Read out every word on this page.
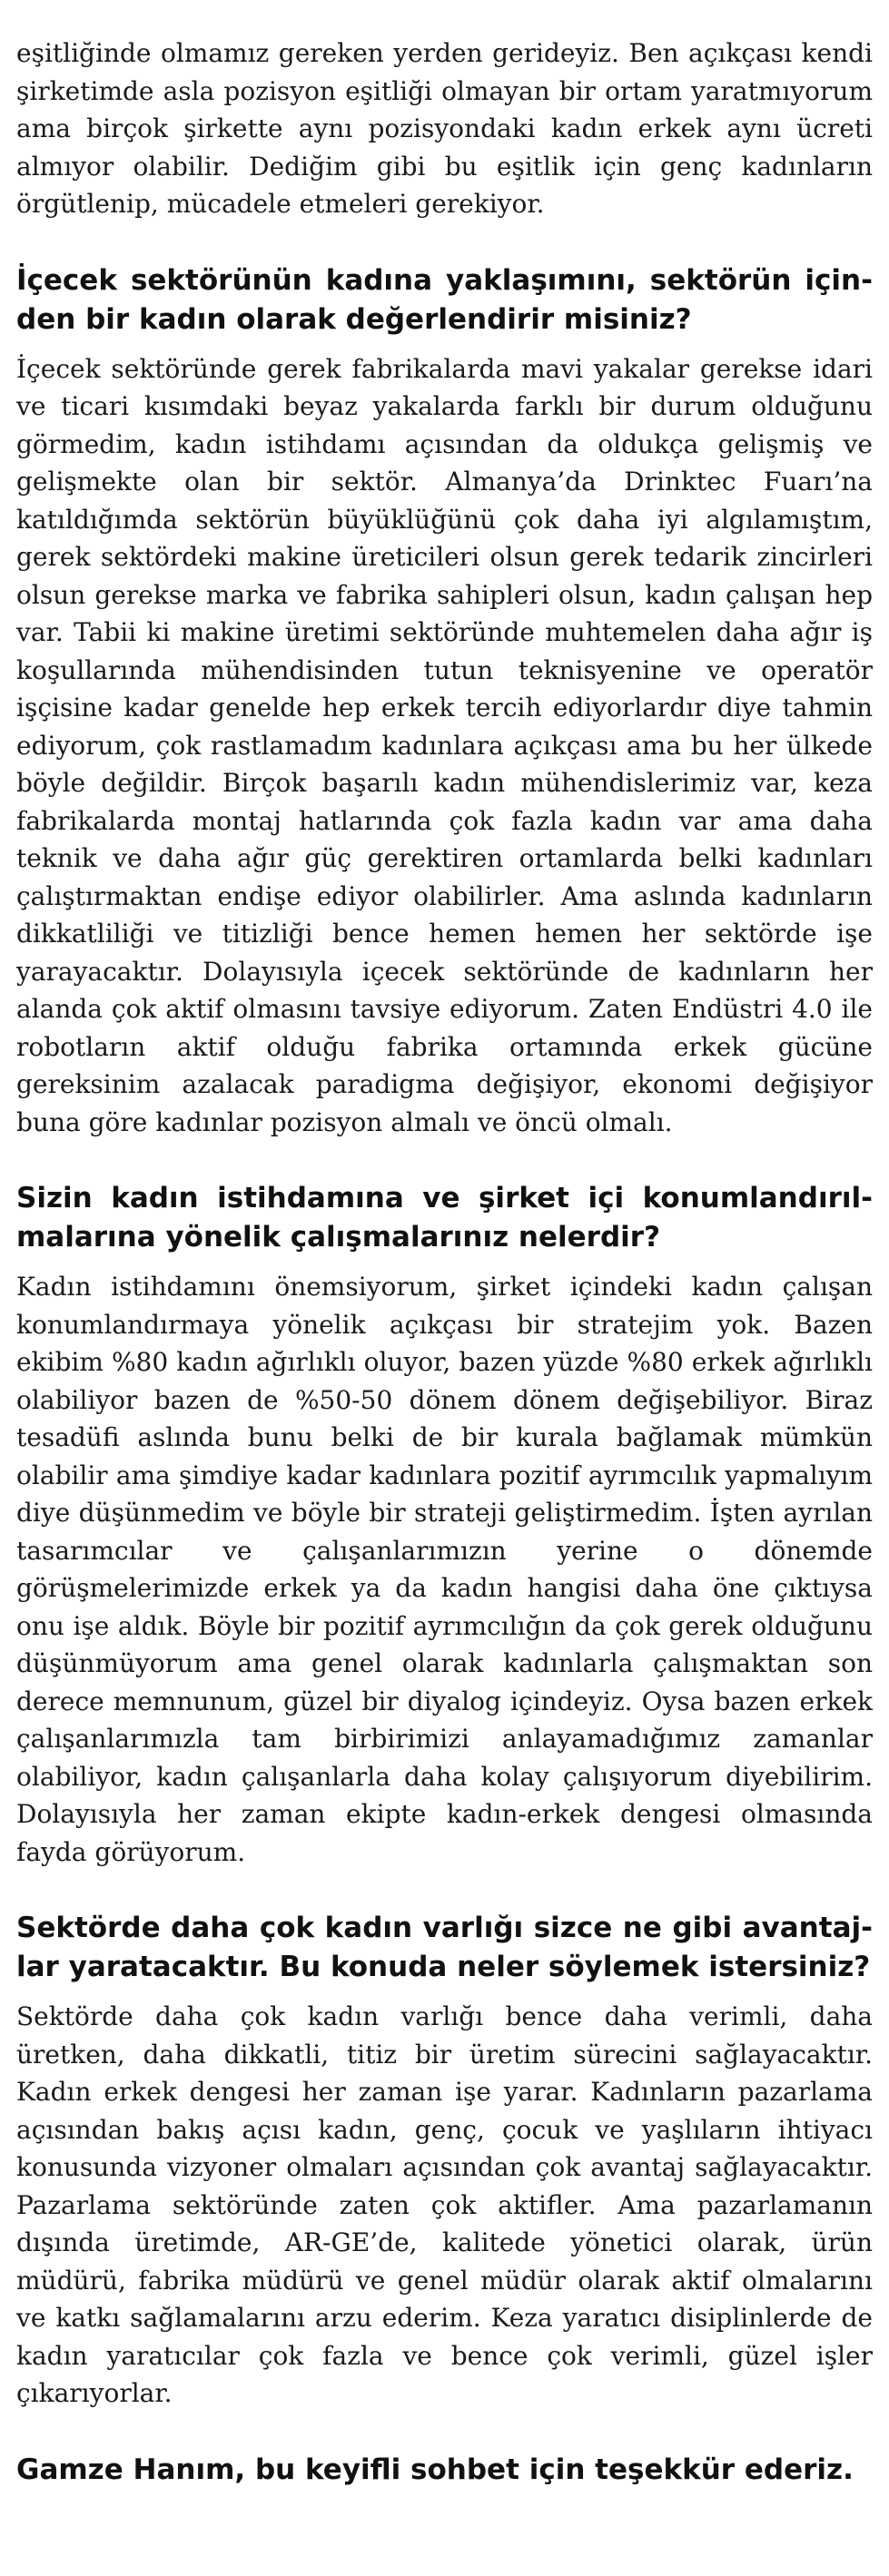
eşitliğinde olmamız gereken yerden gerideyiz. Ben açıkçası kendi şirketimde asla pozisyon eşitliği olmayan bir ortam yaratmıyorum ama birçok şirkette aynı pozisyondaki kadın erkek aynı ücreti almıyor olabilir. Dediğim gibi bu eşitlik için genç kadınların örgütlenip, mücadele etmeleri gerekiyor.

İçecek sektörünün kadına yaklaşımını, sektörün içinden bir kadın olarak değerlendirir misiniz?

İçecek sektöründe gerek fabrikalarda mavi yakalar gerekse idari ve ticari kısımdaki beyaz yakalarda farklı bir durum olduğunu görmedim, kadın istihdamı açısından da oldukça gelişmiş ve gelişmekte olan bir sektör. Almanya’da Drinktec Fuarı’na katıldığımda sektörün büyüklüğünü çok daha iyi algılamıştım, gerek sektördeki makine üreticileri olsun gerek tedarik zincirleri olsun gerekse marka ve fabrika sahipleri olsun, kadın çalışan hep var. Tabii ki makine üretimi sektöründe muhtemelen daha ağır iş koşullarında mühendisinden tutun teknisyenine ve operatör işçisine kadar genelde hep erkek tercih ediyorlardır diye tahmin ediyorum, çok rastlamadım kadınlara açıkçası ama bu her ülkede böyle değildir. Birçok başarılı kadın mühendislerimiz var, keza fabrikalarda montaj hatlarında çok fazla kadın var ama daha teknik ve daha ağır güç gerektiren ortamlarda belki kadınları çalıştırmaktan endişe ediyor olabilirler. Ama aslında kadınların dikkatliliği ve titizliği bence hemen hemen her sektörde işe yarayacaktır. Dolayısıyla içecek sektöründe de kadınların her alanda çok aktif olmasını tavsiye ediyorum. Zaten Endüstri 4.0 ile robotların aktif olduğu fabrika ortamında erkek gücüne gereksinim azalacak paradigma değişiyor, ekonomi değişiyor buna göre kadınlar pozisyon almalı ve öncü olmalı.

Sizin kadın istihdamına ve şirket içi konumlandırılmalarına yönelik çalışmalarınız nelerdir?

Kadın istihdamını önemsiyorum, şirket içindeki kadın çalışan konumlandırmaya yönelik açıkçası bir stratejim yok. Bazen ekibim %80 kadın ağırlıklı oluyor, bazen yüzde %80 erkek ağırlıklı olabiliyor bazen de %50-50 dönem dönem değişebiliyor. Biraz tesadüfi aslında bunu belki de bir kurala bağlamak mümkün olabilir ama şimdiye kadar kadınlara pozitif ayrımcılık yapmalıyım diye düşünmedim ve böyle bir strateji geliştirmedim. İşten ayrılan tasarımcılar ve çalışanlarımızın yerine o dönemde görüşmelerimizde erkek ya da kadın hangisi daha öne çıktıysa onu işe aldık. Böyle bir pozitif ayrımcılığın da çok gerek olduğunu düşünmüyorum ama genel olarak kadınlarla çalışmaktan son derece memnunum, güzel bir diyalog içindeyiz. Oysa bazen erkek çalışanlarımızla tam birbirimizi anlayamadığımız zamanlar olabiliyor, kadın çalışanlarla daha kolay çalışıyorum diyebilirim. Dolayısıyla her zaman ekipte kadın-erkek dengesi olmasında fayda görüyorum.

Sektörde daha çok kadın varlığı sizce ne gibi avantajlar yaratacaktır. Bu konuda neler söylemek istersiniz?

Sektörde daha çok kadın varlığı bence daha verimli, daha üretken, daha dikkatli, titiz bir üretim sürecini sağlayacaktır. Kadın erkek dengesi her zaman işe yarar. Kadınların pazarlama açısından bakış açısı kadın, genç, çocuk ve yaşlıların ihtiyacı konusunda vizyoner olmaları açısından çok avantaj sağlayacaktır. Pazarlama sektöründe zaten çok aktifler. Ama pazarlamanın dışında üretimde, AR-GE’de, kalitede yönetici olarak, ürün müdürü, fabrika müdürü ve genel müdür olarak aktif olmalarını ve katkı sağlamalarını arzu ederim. Keza yaratıcı disiplinlerde de kadın yaratıcılar çok fazla ve bence çok verimli, güzel işler çıkarıyorlar.

Gamze Hanım, bu keyifli sohbet için teşekkür ederiz.
